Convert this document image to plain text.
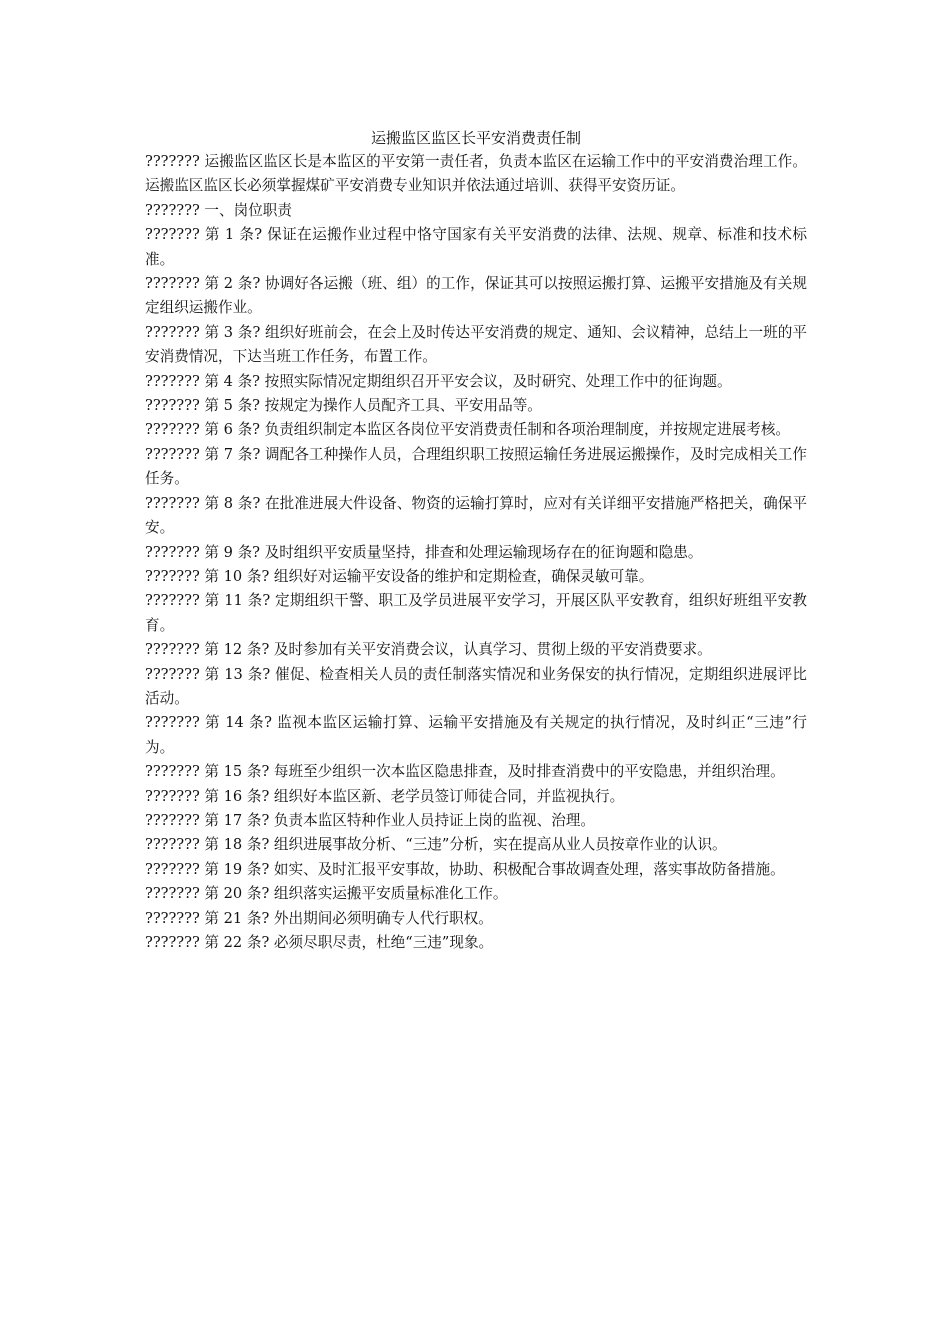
运搬监区监区长平安消费责任制

??????? 运搬监区监区长是本监区的平安第一责任者，负责本监区在运输工作中的平安消费治理工作。运搬监区监区长必须掌握煤矿平安消费专业知识并依法通过培训、获得平安资历证。

??????? 一、岗位职责

??????? 第 1 条? 保证在运搬作业过程中恪守国家有关平安消费的法律、法规、规章、标准和技术标准。

??????? 第 2 条? 协调好各运搬（班、组）的工作，保证其可以按照运搬打算、运搬平安措施及有关规定组织运搬作业。

??????? 第 3 条? 组织好班前会，在会上及时传达平安消费的规定、通知、会议精神，总结上一班的平安消费情况，下达当班工作任务，布置工作。

??????? 第 4 条? 按照实际情况定期组织召开平安会议，及时研究、处理工作中的征询题。

??????? 第 5 条? 按规定为操作人员配齐工具、平安用品等。

??????? 第 6 条? 负责组织制定本监区各岗位平安消费责任制和各项治理制度，并按规定进展考核。

??????? 第 7 条? 调配各工种操作人员，合理组织职工按照运输任务进展运搬操作，及时完成相关工作任务。

??????? 第 8 条? 在批准进展大件设备、物资的运输打算时，应对有关详细平安措施严格把关，确保平安。

??????? 第 9 条? 及时组织平安质量坚持，排查和处理运输现场存在的征询题和隐患。

??????? 第 10 条? 组织好对运输平安设备的维护和定期检查，确保灵敏可靠。

??????? 第 11 条? 定期组织干警、职工及学员进展平安学习，开展区队平安教育，组织好班组平安教育。

??????? 第 12 条? 及时参加有关平安消费会议，认真学习、贯彻上级的平安消费要求。

??????? 第 13 条? 催促、检查相关人员的责任制落实情况和业务保安的执行情况，定期组织进展评比活动。

??????? 第 14 条? 监视本监区运输打算、运输平安措施及有关规定的执行情况，及时纠正“三违”行为。

??????? 第 15 条? 每班至少组织一次本监区隐患排查，及时排查消费中的平安隐患，并组织治理。

??????? 第 16 条? 组织好本监区新、老学员签订师徒合同，并监视执行。

??????? 第 17 条? 负责本监区特种作业人员持证上岗的监视、治理。

??????? 第 18 条? 组织进展事故分析、“三违”分析，实在提高从业人员按章作业的认识。

??????? 第 19 条? 如实、及时汇报平安事故，协助、积极配合事故调查处理，落实事故防备措施。

??????? 第 20 条? 组织落实运搬平安质量标准化工作。

??????? 第 21 条? 外出期间必须明确专人代行职权。

??????? 第 22 条? 必须尽职尽责，杜绝“三违”现象。
